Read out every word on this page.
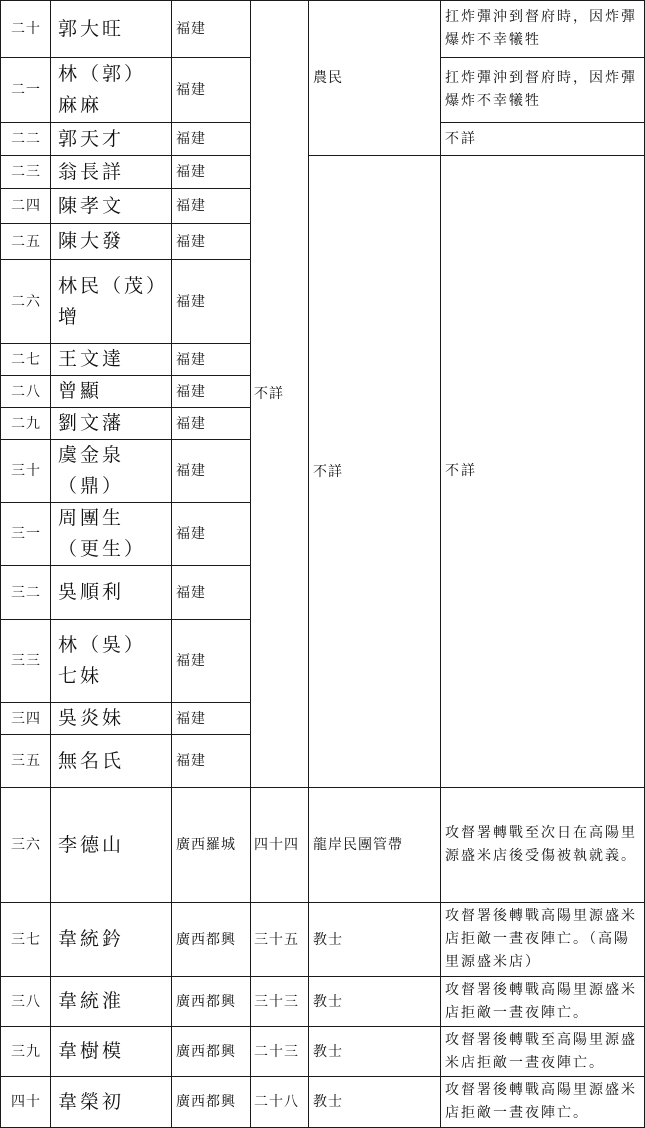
二十	郭大旺	福建	不詳	農民	扛炸彈沖到督府時，因炸彈爆炸不幸犧牲
二一	林（郭）麻麻	福建			扛炸彈沖到督府時，因炸彈爆炸不幸犧牲
二二	郭天才	福建			不詳
二三	翁長詳	福建		不詳	不詳
二四	陳孝文	福建			
二五	陳大發	福建			
二六	林民（茂）增	福建			
二七	王文達	福建			
二八	曾顯	福建			
二九	劉文藩	福建			
三十	虞金泉（鼎）	福建			
三一	周團生（更生）	福建			
三二	吳順利	福建			
三三	林（吳）七妹	福建			
三四	吳炎妹	福建			
三五	無名氏	福建			
三六	李德山	廣西羅城	四十四	龍岸民團管帶	攻督署轉戰至次日在高陽里源盛米店後受傷被執就義。
三七	韋統鈐	廣西都興	三十五	教士	攻督署後轉戰高陽里源盛米店拒敵一晝夜陣亡。（高陽里源盛米店）
三八	韋統淮	廣西都興	三十三	教士	攻督署後轉戰高陽里源盛米店拒敵一晝夜陣亡。
三九	韋樹模	廣西都興	二十三	教士	攻督署後轉戰至高陽里源盛米店拒敵一晝夜陣亡。
四十	韋榮初	廣西都興	二十八	教士	攻督署後轉戰高陽里源盛米店拒敵一晝夜陣亡。
